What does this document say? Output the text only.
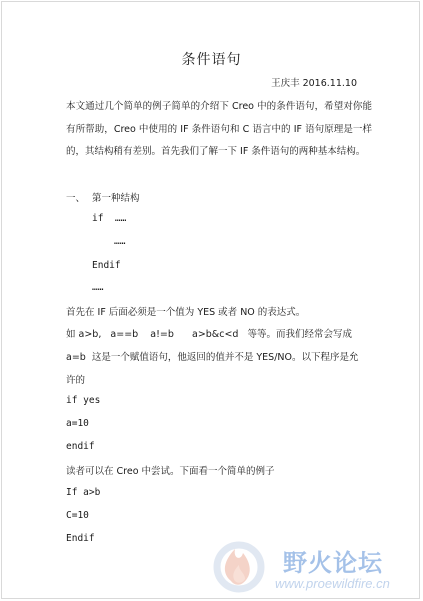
条件语句
王庆丰 2016.11.10
本文通过几个简单的例子简单的介绍下 Creo 中的条件语句，希望对你能有所帮助，Creo 中使用的 IF 条件语句和 C 语言中的 IF 语句原理是一样的，其结构稍有差别。首先我们了解一下 IF 条件语句的两种基本结构。
一、 第一种结构
if  ……
……
Endif
……
首先在 IF 后面必须是一个值为 YES 或者 NO 的表达式。
如 a>b,   a==b    a!=b      a>b&c<d   等等。而我们经常会写成
a=b  这是一个赋值语句，他返回的值并不是 YES/NO。以下程序是允
许的
if yes
a=10
endif
读者可以在 Creo 中尝试。下面看一个简单的例子
If a>b
C=10
Endif
野火论坛
www.proewildfire.cn
